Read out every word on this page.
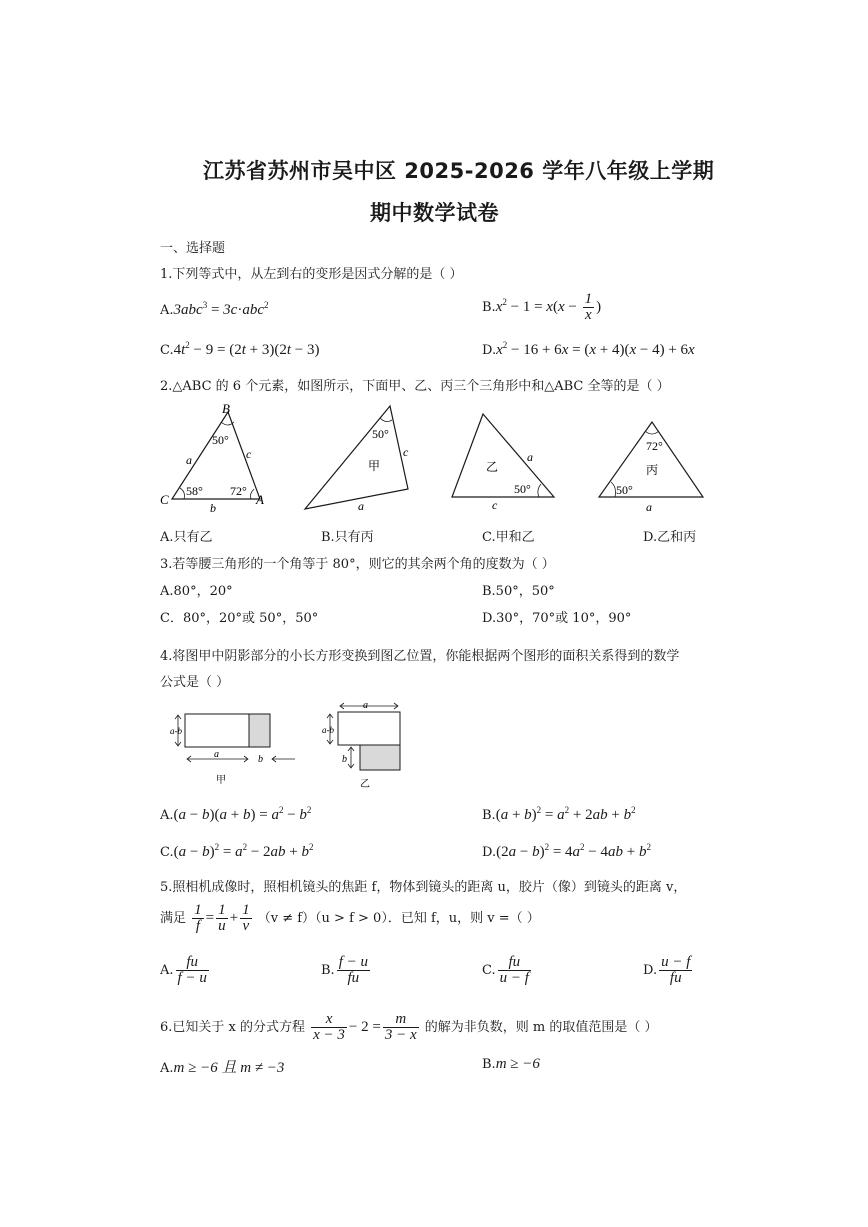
江苏省苏州市吴中区 2025-2026 学年八年级上学期
期中数学试卷
一、选择题
1.下列等式中，从左到右的变形是因式分解的是（ ）
A.3abc$^3$ = 3c·abc$^2$	$B.x^2 - 1 = x(x - \frac{1}{x}$ )
$C.4t^2 - 9 = (2t + 3)(2t - 3)$	$D.x^2 - 16 + 6x = (x + 4)(x - 4) + 6x$
2.△ABC 的 6 个元素，如图所示，下面甲、乙、丙三个三角形中和△ABC 全等的是（ ）
B
C	A
a	c
b
50°
58° 72°
50°
c
a
甲	乙
a
c
50°
72°
丙
50°
a
A.只有乙	B.只有丙	C.甲和乙	D.乙和丙
3.若等腰三角形的一个角等于 80°，则它的其余两个角的度数为（ ）
A.80°，20°	B.50°，50°
C．80°，20°或 50°，50°	D.30°，70°或 10°，90°
4.将图甲中阴影部分的小长方形变换到图乙位置，你能根据两个图形的面积关系得到的数学
公式是（ ）
a-b
a	b
甲
a
a-b
b
乙
$A.(a - b)(a + b) = a^2 - b^2$	$B.(a + b)^2 = a^2 + 2ab + b^2$
$C.(a - b)^2 = a^2 - 2ab + b^2$	$D.(2a - b)^2 = 4a^2 - 4ab + b^2$
5.照相机成像时，照相机镜头的焦距 f，物体到镜头的距离 u，胶片（像）到镜头的距离 v，
满足 $\frac{1}{f} = \frac{1}{u} + \frac{1}{v} (v \ne f)(u > f > 0)$．已知 f，u，则 v =（ ）
A. $\frac{fu}{f - u}$	B. $\frac{f - u}{fu}$	C. $\frac{fu}{u - f}$	D. $\frac{u - f}{fu}$
6.已知关于 x 的分式方程 $\frac{x}{x - 3} - 2 = \frac{m}{3 - x}$ 的解为非负数，则 m 的取值范围是（ ）
A.m ≥ −6 且 m ≠ −3	B.m ≥ −6
